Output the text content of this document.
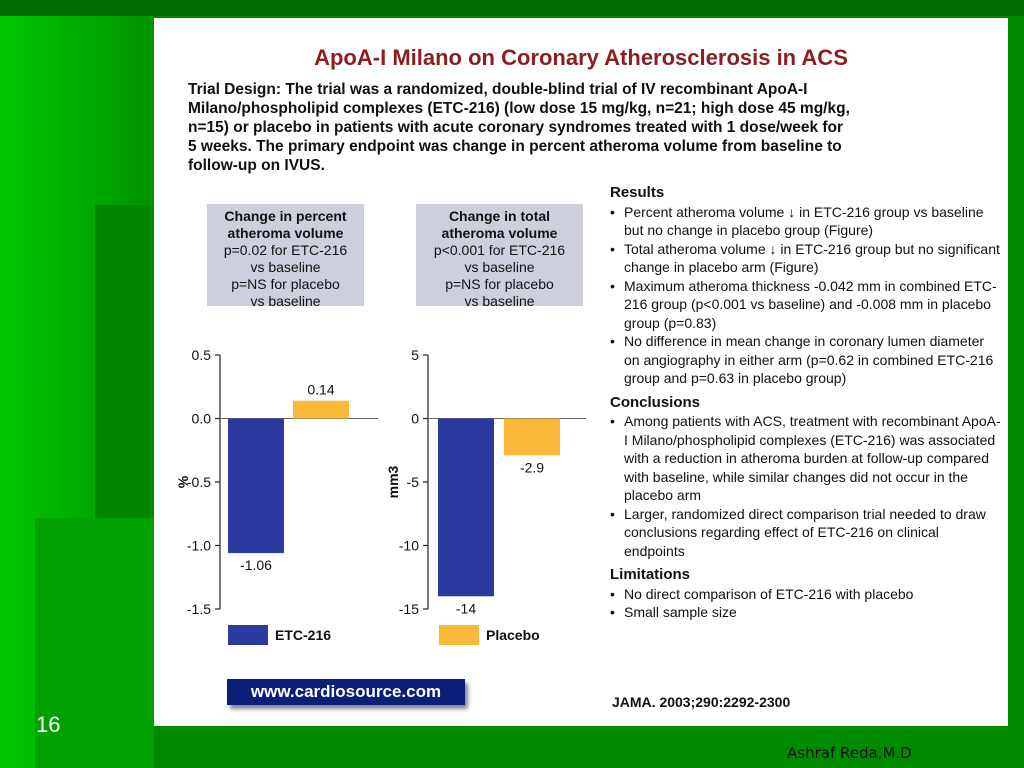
ApoA-I Milano on Coronary Atherosclerosis in ACS
Trial Design: The trial was a randomized, double-blind trial of IV recombinant ApoA-I
Milano/phospholipid complexes (ETC-216) (low dose 15 mg/kg, n=21; high dose 45 mg/kg,
n=15) or placebo in patients with acute coronary syndromes treated with 1 dose/week for
5 weeks. The primary endpoint was change in percent atheroma volume from baseline to
follow-up on IVUS.
Change in percent
atheroma volume
p=0.02 for ETC-216
vs baseline
p=NS for placebo
vs baseline
Change in total
atheroma volume
p<0.001 for ETC-216
vs baseline
p=NS for placebo
vs baseline
0.5
0.0
-0.5
-1.0
-1.5
%
-1.06
0.14
ETC-216
5
0
-5
-10
-15
mm3
-14
-2.9
Placebo
Results
• Percent atheroma volume ↓ in ETC-216 group vs baseline but no change in placebo group (Figure)
• Total atheroma volume ↓ in ETC-216 group but no significant change in placebo arm (Figure)
• Maximum atheroma thickness -0.042 mm in combined ETC-216 group (p<0.001 vs baseline) and -0.008 mm in placebo group (p=0.83)
• No difference in mean change in coronary lumen diameter on angiography in either arm (p=0.62 in combined ETC-216 group and p=0.63 in placebo group)
Conclusions
• Among patients with ACS, treatment with recombinant ApoA-I Milano/phospholipid complexes (ETC-216) was associated with a reduction in atheroma burden at follow-up compared with baseline, while similar changes did not occur in the placebo arm
• Larger, randomized direct comparison trial needed to draw conclusions regarding effect of ETC-216 on clinical endpoints
Limitations
• No direct comparison of ETC-216 with placebo
• Small sample size
www.cardiosource.com
JAMA. 2003;290:2292-2300
16
Ashraf Reda,M.D
